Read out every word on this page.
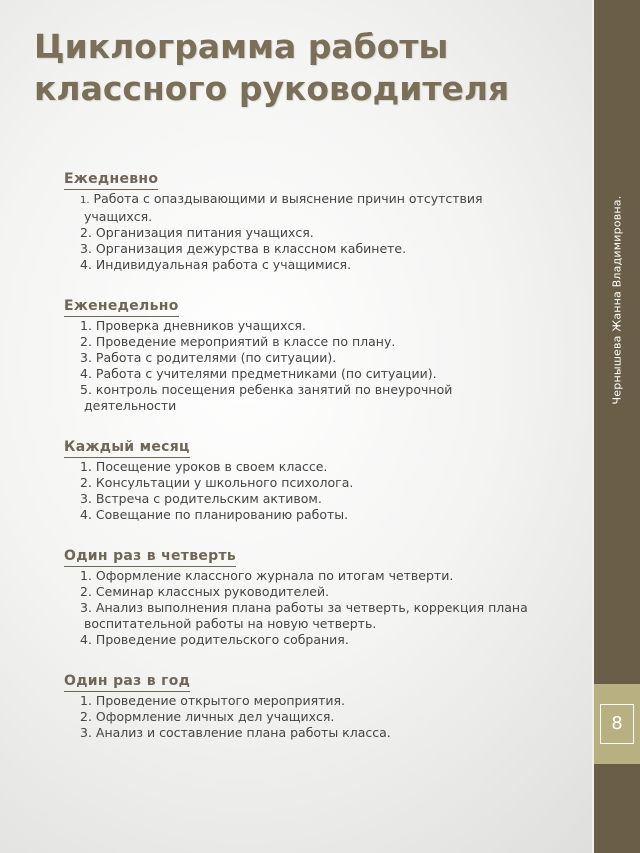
Циклограмма работы классного руководителя
Ежедневно
1. Работа с опаздывающими и выяснение причин отсутствия учащихся.
2. Организация питания учащихся.
3. Организация дежурства в классном кабинете.
4. Индивидуальная работа с учащимися.
Еженедельно
1. Проверка дневников учащихся.
2. Проведение мероприятий в классе по плану.
3. Работа с родителями (по ситуации).
4. Работа с учителями предметниками (по ситуации).
5. контроль посещения ребенка занятий по внеурочной деятельности
Каждый месяц
1. Посещение уроков в своем классе.
2. Консультации у школьного психолога.
3. Встреча с родительским активом.
4. Совещание по планированию работы.
Один раз в четверть
1. Оформление классного журнала по итогам четверти.
2. Семинар классных руководителей.
3. Анализ выполнения плана работы за четверть, коррекция плана воспитательной работы на новую четверть.
4. Проведение родительского собрания.
Один раз в год
1. Проведение открытого мероприятия.
2. Оформление личных дел учащихся.
3. Анализ и составление плана работы класса.
Чернышева Жанна Владимировна.
8
